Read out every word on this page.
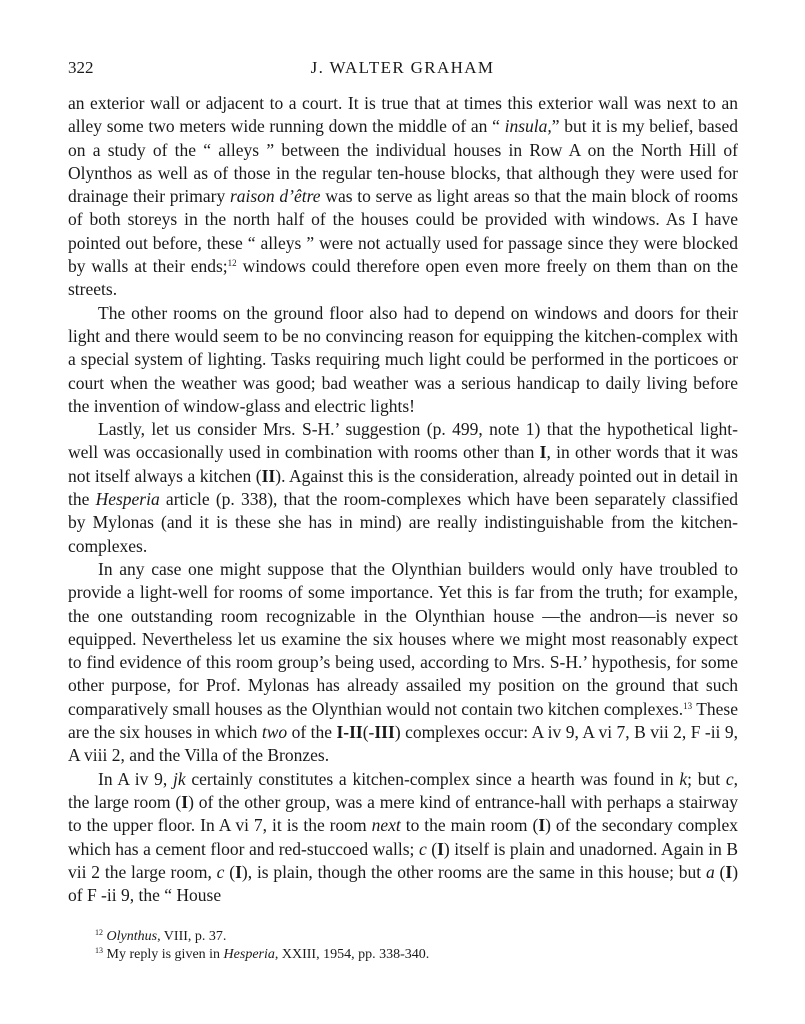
322	J. WALTER GRAHAM

an exterior wall or adjacent to a court. It is true that at times this exterior wall was next to an alley some two meters wide running down the middle of an “ insula,” but it is my belief, based on a study of the “ alleys ” between the individual houses in Row A on the North Hill of Olynthos as well as of those in the regular ten-house blocks, that although they were used for drainage their primary raison d’être was to serve as light areas so that the main block of rooms of both storeys in the north half of the houses could be provided with windows. As I have pointed out before, these “ alleys ” were not actually used for passage since they were blocked by walls at their ends;$^{12}$ windows could therefore open even more freely on them than on the streets.

The other rooms on the ground floor also had to depend on windows and doors for their light and there would seem to be no convincing reason for equipping the kitchen-complex with a special system of lighting. Tasks requiring much light could be performed in the porticoes or court when the weather was good; bad weather was a serious handicap to daily living before the invention of window-glass and electric lights!

Lastly, let us consider Mrs. S-H.’ suggestion (p. 499, note 1) that the hypothetical light-well was occasionally used in combination with rooms other than I, in other words that it was not itself always a kitchen (II). Against this is the consideration, already pointed out in detail in the Hesperia article (p. 338), that the room-complexes which have been separately classified by Mylonas (and it is these she has in mind) are really indistinguishable from the kitchen-complexes.

In any case one might suppose that the Olynthian builders would only have troubled to provide a light-well for rooms of some importance. Yet this is far from the truth; for example, the one outstanding room recognizable in the Olynthian house —the andron—is never so equipped. Nevertheless let us examine the six houses where we might most reasonably expect to find evidence of this room group’s being used, according to Mrs. S-H.’ hypothesis, for some other purpose, for Prof. Mylonas has already assailed my position on the ground that such comparatively small houses as the Olynthian would not contain two kitchen complexes.$^{13}$ These are the six houses in which two of the I-II(-III) complexes occur: A iv 9, A vi 7, B vii 2, F -ii 9, A viii 2, and the Villa of the Bronzes.

In A iv 9, jk certainly constitutes a kitchen-complex since a hearth was found in k; but c, the large room (I) of the other group, was a mere kind of entrance-hall with perhaps a stairway to the upper floor. In A vi 7, it is the room next to the main room (I) of the secondary complex which has a cement floor and red-stuccoed walls; c (I) itself is plain and unadorned. Again in B vii 2 the large room, c (I), is plain, though the other rooms are the same in this house; but a (I) of F -ii 9, the “ House

$^{12}$ Olynthus, VIII, p. 37.

$^{13}$ My reply is given in Hesperia, XXIII, 1954, pp. 338-340.
